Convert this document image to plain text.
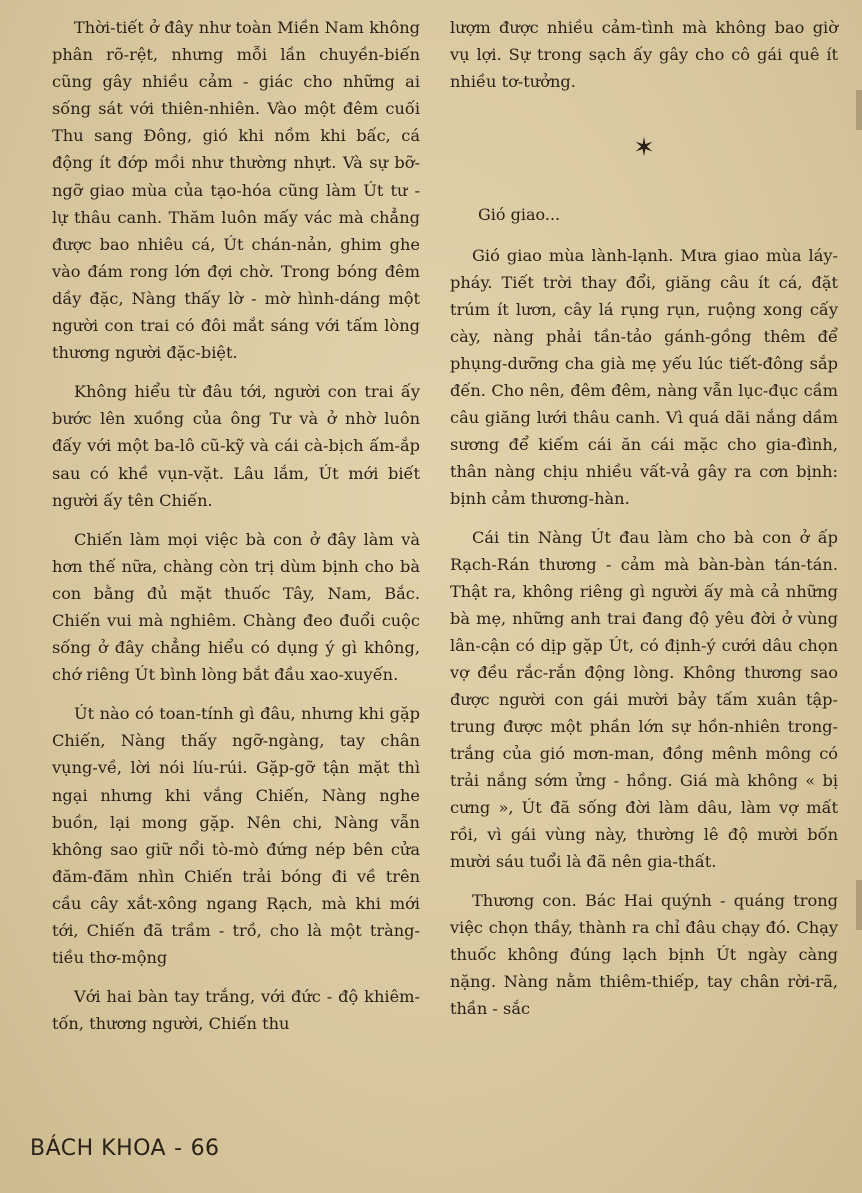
Thời-tiết ở đây như toàn Miền Nam không phân rõ-rệt, nhưng mỗi lần chuyền-biến cũng gây nhiều cảm - giác cho những ai sống sát với thiên-nhiên. Vào một đêm cuối Thu sang Đông, gió khi nồm khi bấc, cá động ít đớp mồi như thường nhựt. Và sự bỡ-ngỡ giao mùa của tạo-hóa cũng làm Út tư - lự thâu canh. Thăm luôn mấy vác mà chẳng được bao nhiêu cá, Út chán-nản, ghim ghe vào đám rong lớn đợi chờ. Trong bóng đêm dầy đặc, Nàng thấy lờ - mờ hình-dáng một người con trai có đôi mắt sáng với tấm lòng thương người đặc-biệt.

Không hiểu từ đâu tới, người con trai ấy bước lên xuồng của ông Tư và ở nhờ luôn đấy với một ba-lô cũ-kỹ và cái cà-bịch ấm-ắp sau có khề vụn-vặt. Lâu lắm, Út mới biết người ấy tên Chiến.

Chiến làm mọi việc bà con ở đây làm và hơn thế nữa, chàng còn trị dùm bịnh cho bà con bằng đủ mặt thuốc Tây, Nam, Bắc. Chiến vui mà nghiêm. Chàng đeo đuổi cuộc sống ở đây chẳng hiểu có dụng ý gì không, chớ riêng Út bình lòng bắt đầu xao-xuyến.

Út nào có toan-tính gì đâu, nhưng khi gặp Chiến, Nàng thấy ngỡ-ngàng, tay chân vụng-về, lời nói líu-rúi. Gặp-gỡ tận mặt thì ngại nhưng khi vắng Chiến, Nàng nghe buồn, lại mong gặp. Nên chi, Nàng vẫn không sao giữ nổi tò-mò đứng nép bên cửa đăm-đăm nhìn Chiến trải bóng đi về trên cầu cây xắt-xông ngang Rạch, mà khi mới tới, Chiến đã trầm - trồ, cho là một tràng-tiều thơ-mộng

Với hai bàn tay trắng, với đức - độ khiêm-tốn, thương người, Chiến thu

lượm được nhiều cảm-tình mà không bao giờ vụ lợi. Sự trong sạch ấy gây cho cô gái quê ít nhiều tơ-tưởng.

✶
Gió giao...

Gió giao mùa lành-lạnh. Mưa giao mùa láy-pháy. Tiết trời thay đổi, giăng câu ít cá, đặt trúm ít lươn, cây lá rụng rụn, ruộng xong cấy cày, nàng phải tần-tảo gánh-gồng thêm để phụng-dưỡng cha già mẹ yếu lúc tiết-đông sắp đến. Cho nên, đêm đêm, nàng vẫn lục-đục cầm câu giăng lưới thâu canh. Vì quá dãi nắng dầm sương để kiếm cái ăn cái mặc cho gia-đình, thân nàng chịu nhiều vất-vả gây ra cơn bịnh: bịnh cảm thương-hàn.

Cái tin Nàng Út đau làm cho bà con ở ấp Rạch-Rán thương - cảm mà bàn-bàn tán-tán. Thật ra, không riêng gì người ấy mà cả những bà mẹ, những anh trai đang độ yêu đời ở vùng lân-cận có dịp gặp Út, có định-ý cưới dâu chọn vợ đều rắc-rắn động lòng. Không thương sao được người con gái mười bảy tấm xuân tập-trung được một phần lớn sự hồn-nhiên trong-trắng của gió mơn-man, đồng mênh mông có trải nắng sớm ửng - hồng. Giá mà không « bị cưng », Út đã sống đời làm dâu, làm vợ mất rồi, vì gái vùng này, thường lê độ mười bốn mười sáu tuổi là đã nên gia-thất.

Thương con. Bác Hai quýnh - quáng trong việc chọn thầy, thành ra chỉ đâu chạy đó. Chạy thuốc không đúng lạch bịnh Út ngày càng nặng. Nàng nằm thiêm-thiếp, tay chân rời-rã, thần - sắc

BÁCH KHOA - 66
